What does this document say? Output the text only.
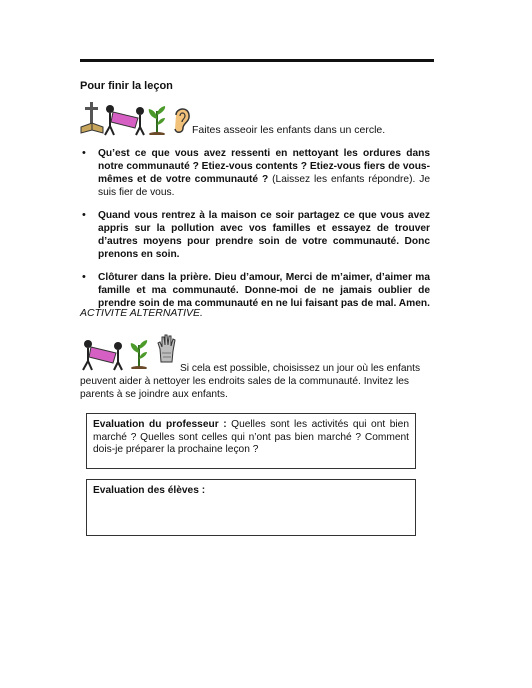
Pour finir la leçon
Faites asseoir les enfants dans un cercle.
• Qu’est ce que vous avez ressenti en nettoyant les ordures dans notre communauté ? Etiez-vous contents ? Etiez-vous fiers de vous-mêmes et de votre communauté ? (Laissez les enfants répondre). Je suis fier de vous.
• Quand vous rentrez à la maison ce soir partagez ce que vous avez appris sur la pollution avec vos familles et essayez de trouver d’autres moyens pour prendre soin de votre communauté. Donc prenons en soin.
• Clôturer dans la prière. Dieu d’amour, Merci de m’aimer, d’aimer ma famille et ma communauté. Donne-moi de ne jamais oublier de prendre soin de ma communauté en ne lui faisant pas de mal. Amen.
ACTIVITE ALTERNATIVE.
Si cela est possible, choisissez un jour où les enfants peuvent aider à nettoyer les endroits sales de la communauté. Invitez les parents à se joindre aux enfants.

Evaluation du professeur : Quelles sont les activités qui ont bien marché ? Quelles sont celles qui n’ont pas bien marché ? Comment dois-je préparer la prochaine leçon ?

Evaluation des élèves :
